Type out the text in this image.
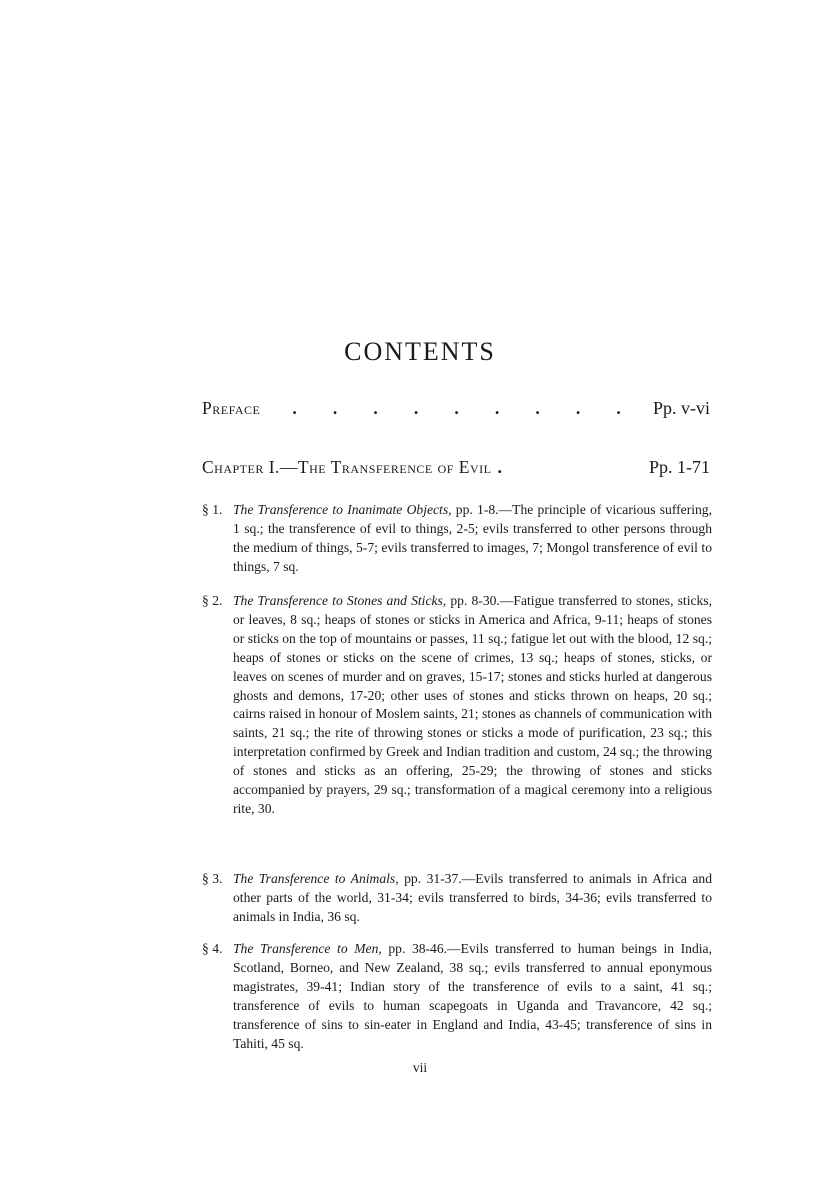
CONTENTS
Preface . . . . . . . . . Pp. v-vi
Chapter I.—The Transference of Evil .	Pp. 1-71
§ 1. The Transference to Inanimate Objects, pp. 1-8.—The principle of vicarious suffering, 1 sq.; the transference of evil to things, 2-5; evils transferred to other persons through the medium of things, 5-7; evils transferred to images, 7; Mongol transference of evil to things, 7 sq.
§ 2. The Transference to Stones and Sticks, pp. 8-30.—Fatigue transferred to stones, sticks, or leaves, 8 sq.; heaps of stones or sticks in America and Africa, 9-11; heaps of stones or sticks on the top of mountains or passes, 11 sq.; fatigue let out with the blood, 12 sq.; heaps of stones or sticks on the scene of crimes, 13 sq.; heaps of stones, sticks, or leaves on scenes of murder and on graves, 15-17; stones and sticks hurled at dangerous ghosts and demons, 17-20; other uses of stones and sticks thrown on heaps, 20 sq.; cairns raised in honour of Moslem saints, 21; stones as channels of communication with saints, 21 sq.; the rite of throwing stones or sticks a mode of purification, 23 sq.; this interpretation confirmed by Greek and Indian tradition and custom, 24 sq.; the throwing of stones and sticks as an offering, 25-29; the throwing of stones and sticks accompanied by prayers, 29 sq.; transformation of a magical ceremony into a religious rite, 30.
§ 3. The Transference to Animals, pp. 31-37.—Evils transferred to animals in Africa and other parts of the world, 31-34; evils transferred to birds, 34-36; evils transferred to animals in India, 36 sq.
§ 4. The Transference to Men, pp. 38-46.—Evils transferred to human beings in India, Scotland, Borneo, and New Zealand, 38 sq.; evils transferred to annual eponymous magistrates, 39-41; Indian story of the transference of evils to a saint, 41 sq.; transference of evils to human scapegoats in Uganda and Travancore, 42 sq.; transference of sins to sin-eater in England and India, 43-45; transference of sins in Tahiti, 45 sq.
vii
